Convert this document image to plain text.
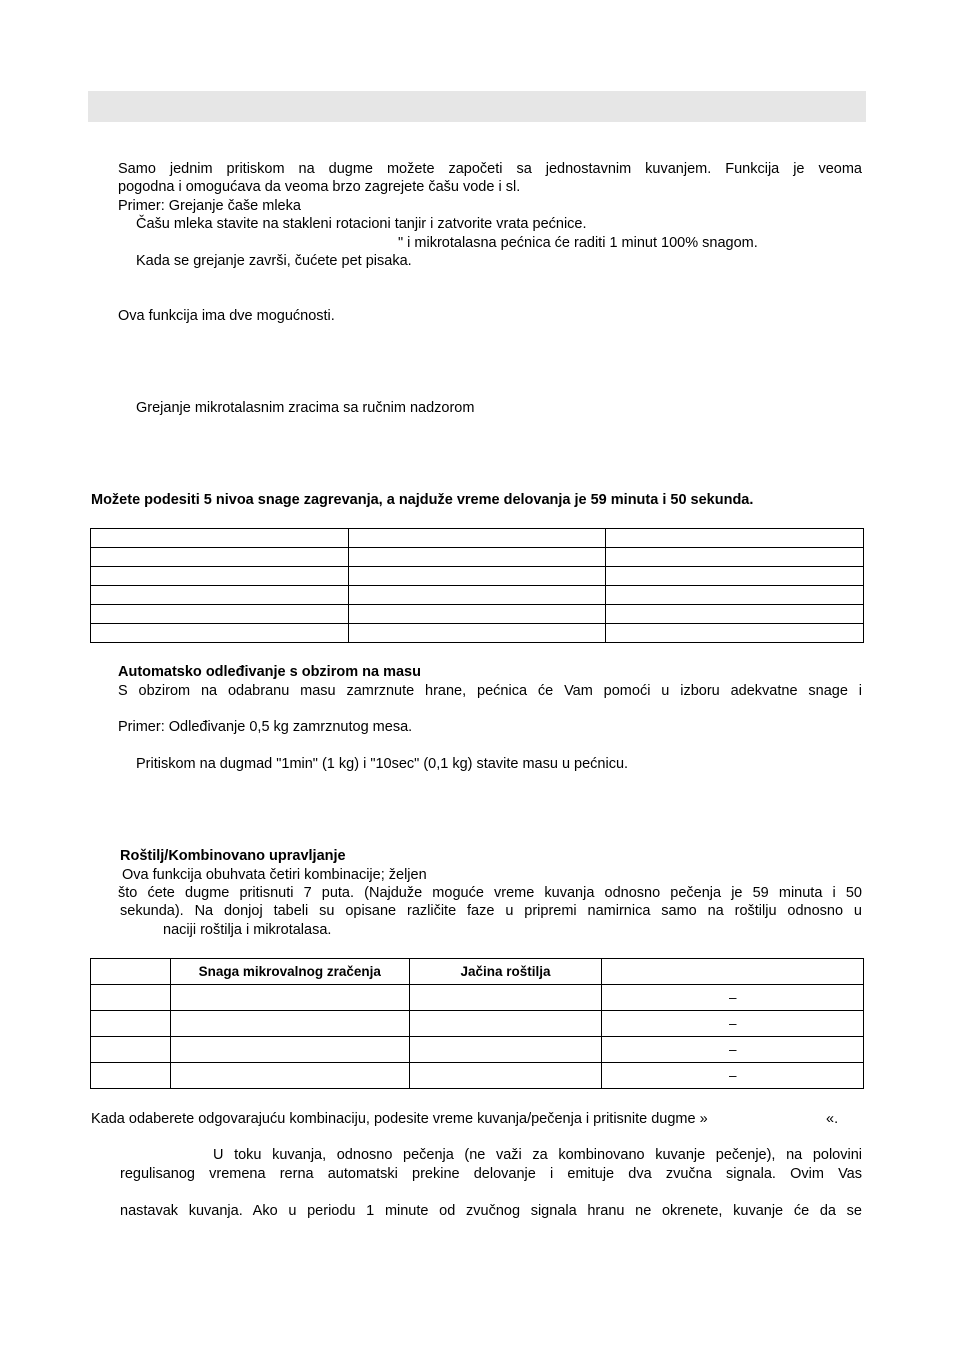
Samo jednim pritiskom na dugme možete započeti sa jednostavnim kuvanjem. Funkcija je veoma
pogodna i omogućava da veoma brzo zagrejete čašu vode i sl.
Primer: Grejanje čaše mleka
Čašu mleka stavite na stakleni rotacioni tanjir i zatvorite vrata pećnice.
" i mikrotalasna pećnica će raditi 1 minut 100% snagom.
Kada se grejanje završi, čućete pet pisaka.
Ova funkcija ima dve mogućnosti.
Grejanje mikrotalasnim zracima sa ručnim nadzorom
Možete podesiti 5 nivoa snage zagrevanja, a najduže vreme delovanja je 59 minuta i 50 sekunda.

Automatsko odleđivanje s obzirom na masu
S obzirom na odabranu masu zamrznute hrane, pećnica će Vam pomoći u izboru adekvatne snage i
Primer: Odleđivanje 0,5 kg zamrznutog mesa.
Pritiskom na dugmad "1min" (1 kg) i "10sec" (0,1 kg) stavite masu u pećnicu.
Roštilj/Kombinovano upravljanje
Ova funkcija obuhvata četiri kombinacije; željen
što ćete dugme pritisnuti 7 puta. (Najduže moguće vreme kuvanja odnosno pečenja je 59 minuta i 50
sekunda). Na donjoj tabeli su opisane različite faze u pripremi namirnica samo na roštilju odnosno u
naciji roštilja i mikrotalasa.
	Snaga mikrovalnog zračenja	Jačina roštilja	
			–
			–
			–
			–
Kada odaberete odgovarajuću kombinaciju, podesite vreme kuvanja/pečenja i pritisnite dugme »	«.
U toku kuvanja, odnosno pečenja (ne važi za kombinovano kuvanje pečenje), na polovini
regulisanog vremena rerna automatski prekine delovanje i emituje dva zvučna signala. Ovim Vas
nastavak kuvanja. Ako u periodu 1 minute od zvučnog signala hranu ne okrenete, kuvanje će da se
